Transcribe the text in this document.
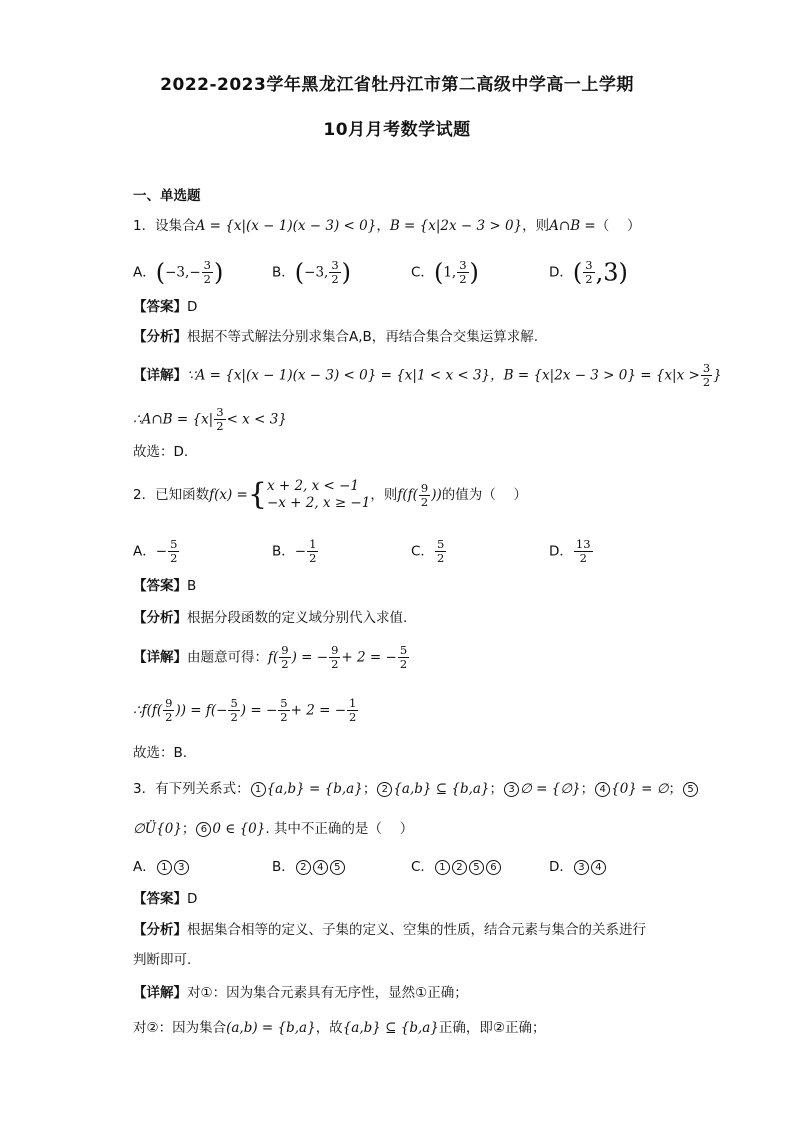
2022-2023学年黑龙江省牡丹江市第二高级中学高一上学期
10月月考数学试题
一、单选题
1．设集合A = {x|(x − 1)(x − 3) < 0}，B = {x|2x − 3 > 0}，则A∩B =（　 ）
A．($-3,- \frac{3}{2}$ )	B．(−3, $\frac{3}{2}$ )	C．(1, $\frac{3}{2}$ )	D．( $\frac{3}{2} ,3$)
【答案】D
【分析】根据不等式解法分别求集合A,B，再结合集合交集运算求解.
【详解】∵A = {x|(x − 1)(x − 3) < 0} = {x|1 < x < 3}，$B = \{x|2x - 3 > 0\} = \{x|x > \frac{3}{2}$ }
∴A∩B = $\{x| \frac{3}{2} < x < 3\}$
故选：D.
2．已知函数f(x) ={ x + 2, x < −1
−x + 2, x ≥ −1 ，则$f(f( \frac{9}{2}$ ))的值为（　 ）
A．− $\frac{5}{2}$	B．− $\frac{1}{2}$	C． $\frac{5}{2}$	D． $\frac{13}{2}$
【答案】B
【分析】根据分段函数的定义域分别代入求值.
【详解】由题意可得：$f( \frac{9}{2}$ ) = − $\frac{9}{2} + 2$ = − $\frac{5}{2}$
∴f(f( $\frac{9}{2}$ )) = $f(- \frac{5}{2}$ ) = − $\frac{5}{2} + 2$ = − $\frac{1}{2}$
故选：B.
3．有下列关系式： 1 {a,b} = {b,a}； 2 {a,b} ⊆ {b,a}； 3 ∅ = {∅}； 4 {0} = ∅； 5
∅Ü{0}； 6 0 ∈ {0}. 其中不正确的是（　 ）
A． 1 3	B． 2 4 5	C． 1 2 5 6	D． 3 4
【答案】D
【分析】根据集合相等的定义、子集的定义、空集的性质，结合元素与集合的关系进行
判断即可.
【详解】对①：因为集合元素具有无序性，显然①正确；
对②：因为集合(a,b) = {b,a}，故{a,b} ⊆ {b,a}正确，即②正确；
